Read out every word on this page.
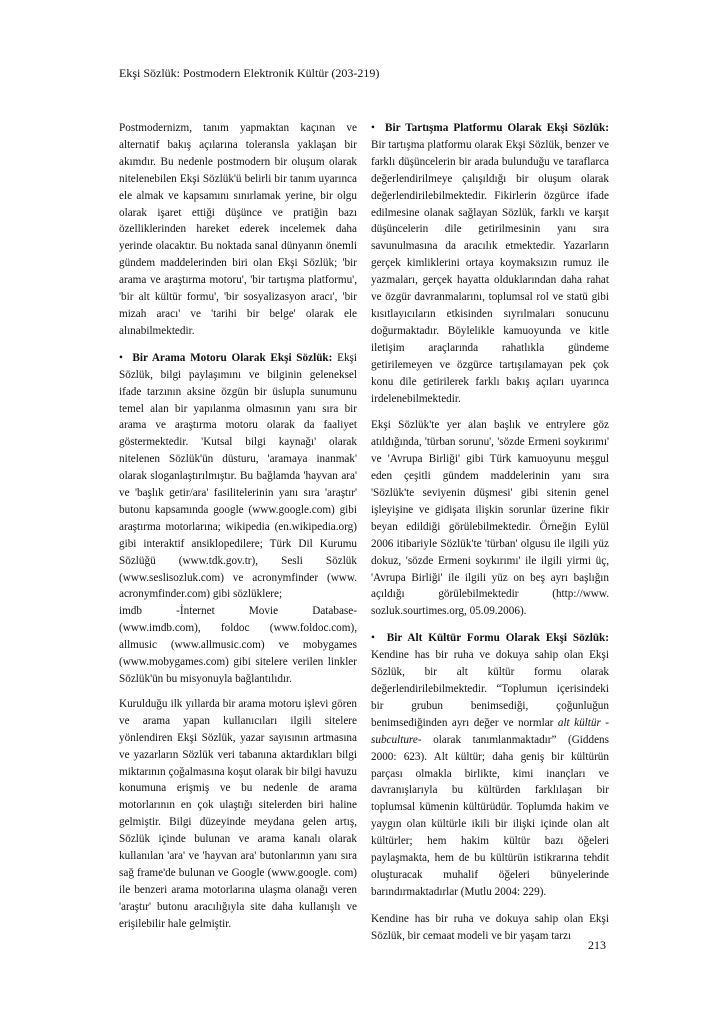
Ekşi Sözlük: Postmodern Elektronik Kültür (203-219)

Postmodernizm, tanım yapmaktan kaçınan ve alternatif bakış açılarına toleransla yaklaşan bir akımdır. Bu nedenle postmodern bir oluşum olarak nitelenebilen Ekşi Sözlük'ü belirli bir tanım uyarınca ele almak ve kapsamını sınırlamak yerine, bir olgu olarak işaret ettiği düşünce ve pratiğin bazı özelliklerinden hareket ederek incelemek daha yerinde olacaktır. Bu noktada sanal dünyanın önemli gündem maddelerinden biri olan Ekşi Sözlük; 'bir arama ve araştırma motoru', 'bir tartışma platformu', 'bir alt kültür formu', 'bir sosyalizasyon aracı', 'bir mizah aracı' ve 'tarihi bir belge' olarak ele alınabilmektedir.

•  Bir Arama Motoru Olarak Ekşi Sözlük: Ekşi Sözlük, bilgi paylaşımını ve bilginin geleneksel ifade tarzının aksine özgün bir üslupla sunumunu temel alan bir yapılanma olmasının yanı sıra bir arama ve araştırma motoru olarak da faaliyet göstermektedir. 'Kutsal bilgi kaynağı' olarak nitelenen Sözlük'ün düsturu, 'aramaya inanmak' olarak sloganlaştırılmıştır. Bu bağlamda 'hayvan ara' ve 'başlık getir/ara' fasilitelerinin yanı sıra 'araştır' butonu kapsamında google (www.google.com) gibi araştırma motorlarına; wikipedia (en.wikipedia.org) gibi interaktif ansiklopedilere; Türk Dil Kurumu Sözlüğü (www.tdk.gov.tr), Sesli Sözlük (www.seslisozluk.com) ve acronymfinder (www. acronymfinder.com) gibi sözlüklere;
imdb	-İnternet	Movie	Database-
(www.imdb.com), foldoc (www.foldoc.com), allmusic (www.allmusic.com) ve mobygames (www.mobygames.com) gibi sitelere verilen linkler Sözlük'ün bu misyonuyla bağlantılıdır.

Kurulduğu ilk yıllarda bir arama motoru işlevi gören ve arama yapan kullanıcıları ilgili sitelere yönlendiren Ekşi Sözlük, yazar sayısının artmasına ve yazarların Sözlük veri tabanına aktardıkları bilgi miktarının çoğalmasına koşut olarak bir bilgi havuzu konumuna erişmiş ve bu nedenle de arama motorlarının en çok ulaştığı sitelerden biri haline gelmiştir. Bilgi düzeyinde meydana gelen artış, Sözlük içinde bulunan ve arama kanalı olarak kullanılan 'ara' ve 'hayvan ara' butonlarının yanı sıra sağ frame'de bulunan ve Google (www.google. com) ile benzeri arama motorlarına ulaşma olanağı veren 'araştır' butonu aracılığıyla site daha kullanışlı ve erişilebilir hale gelmiştir.

•  Bir Tartışma Platformu Olarak Ekşi Sözlük: Bir tartışma platformu olarak Ekşi Sözlük, benzer ve farklı düşüncelerin bir arada bulunduğu ve taraflarca değerlendirilmeye çalışıldığı bir oluşum olarak değerlendirilebilmektedir. Fikirlerin özgürce ifade edilmesine olanak sağlayan Sözlük, farklı ve karşıt düşüncelerin dile getirilmesinin yanı sıra savunulmasına da aracılık etmektedir. Yazarların gerçek kimliklerini ortaya koymaksızın rumuz ile yazmaları, gerçek hayatta olduklarından daha rahat ve özgür davranmalarını, toplumsal rol ve statü gibi kısıtlayıcıların etkisinden sıyrılmaları sonucunu doğurmaktadır. Böylelikle kamuoyunda ve kitle iletişim araçlarında rahatlıkla gündeme getirilemeyen ve özgürce tartışılamayan pek çok konu dile getirilerek farklı bakış açıları uyarınca irdelenebilmektedir.

Ekşi Sözlük'te yer alan başlık ve entrylere göz atıldığında, 'türban sorunu', 'sözde Ermeni soykırımı' ve 'Avrupa Birliği' gibi Türk kamuoyunu meşgul eden çeşitli gündem maddelerinin yanı sıra 'Sözlük'te seviyenin düşmesi' gibi sitenin genel işleyişine ve gidişata ilişkin sorunlar üzerine fikir beyan edildiği görülebilmektedir. Örneğin Eylül 2006 itibariyle Sözlük'te 'türban' olgusu ile ilgili yüz dokuz, 'sözde Ermeni soykırımı' ile ilgili yirmi üç, 'Avrupa Birliği' ile ilgili yüz on beş ayrı başlığın açıldığı görülebilmektedir (http://www. sozluk.sourtimes.org, 05.09.2006).

•  Bir Alt Kültür Formu Olarak Ekşi Sözlük: Kendine has bir ruha ve dokuya sahip olan Ekşi Sözlük, bir alt kültür formu olarak değerlendirilebilmektedir. “Toplumun içerisindeki bir grubun benimsediği, çoğunluğun benimsediğinden ayrı değer ve normlar alt kültür - subculture- olarak tanımlanmaktadır” (Giddens 2000: 623). Alt kültür; daha geniş bir kültürün parçası olmakla birlikte, kimi inançları ve davranışlarıyla bu kültürden farklılaşan bir toplumsal kümenin kültürüdür. Toplumda hakim ve yaygın olan kültürle ikili bir ilişki içinde olan alt kültürler; hem hakim kültür bazı öğeleri paylaşmakta, hem de bu kültürün istikrarına tehdit oluşturacak muhalif öğeleri bünyelerinde barındırmaktadırlar (Mutlu 2004: 229).

Kendine has bir ruha ve dokuya sahip olan Ekşi Sözlük, bir cemaat modeli ve bir yaşam tarzı

213
